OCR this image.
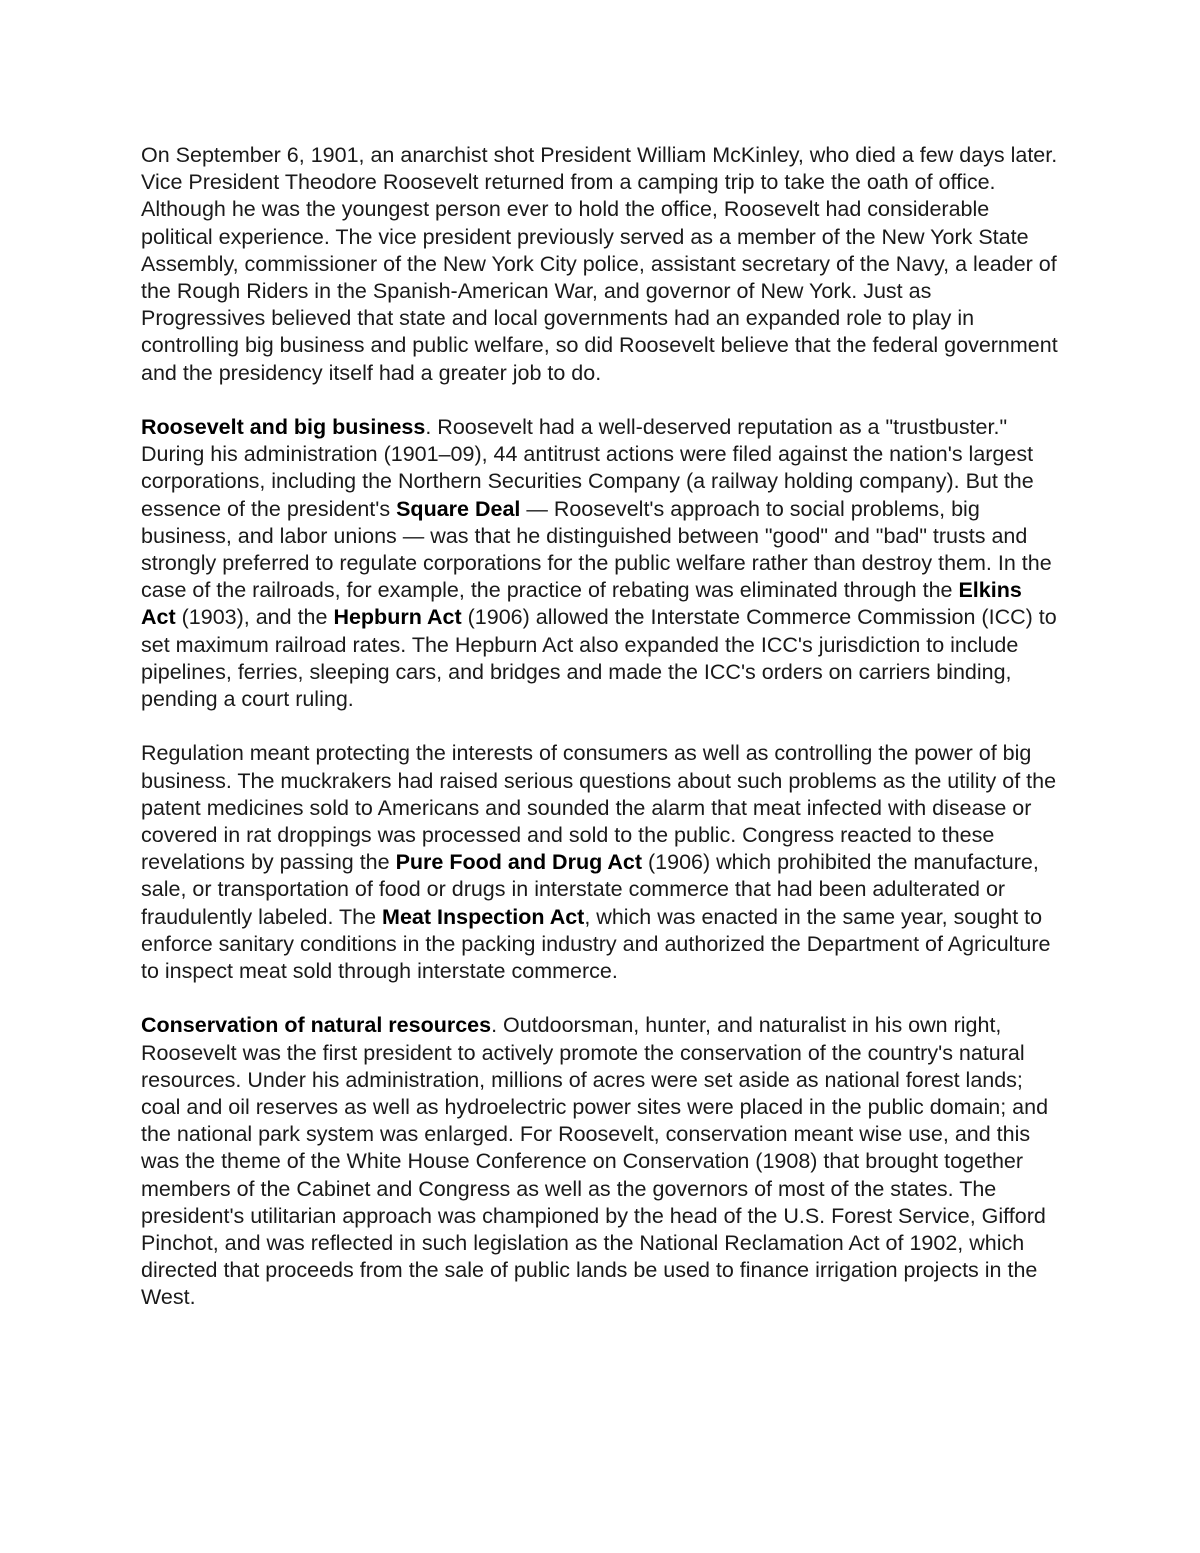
On September 6, 1901, an anarchist shot President William McKinley, who died a few days later. Vice President Theodore Roosevelt returned from a camping trip to take the oath of office. Although he was the youngest person ever to hold the office, Roosevelt had considerable political experience. The vice president previously served as a member of the New York State Assembly, commissioner of the New York City police, assistant secretary of the Navy, a leader of the Rough Riders in the Spanish-American War, and governor of New York. Just as Progressives believed that state and local governments had an expanded role to play in controlling big business and public welfare, so did Roosevelt believe that the federal government and the presidency itself had a greater job to do.

Roosevelt and big business. Roosevelt had a well-deserved reputation as a "trustbuster." During his administration (1901–09), 44 antitrust actions were filed against the nation's largest corporations, including the Northern Securities Company (a railway holding company). But the essence of the president's Square Deal — Roosevelt's approach to social problems, big business, and labor unions — was that he distinguished between "good" and "bad" trusts and strongly preferred to regulate corporations for the public welfare rather than destroy them. In the case of the railroads, for example, the practice of rebating was eliminated through the Elkins Act (1903), and the Hepburn Act (1906) allowed the Interstate Commerce Commission (ICC) to set maximum railroad rates. The Hepburn Act also expanded the ICC's jurisdiction to include pipelines, ferries, sleeping cars, and bridges and made the ICC's orders on carriers binding, pending a court ruling.

Regulation meant protecting the interests of consumers as well as controlling the power of big business. The muckrakers had raised serious questions about such problems as the utility of the patent medicines sold to Americans and sounded the alarm that meat infected with disease or covered in rat droppings was processed and sold to the public. Congress reacted to these revelations by passing the Pure Food and Drug Act (1906) which prohibited the manufacture, sale, or transportation of food or drugs in interstate commerce that had been adulterated or fraudulently labeled. The Meat Inspection Act, which was enacted in the same year, sought to enforce sanitary conditions in the packing industry and authorized the Department of Agriculture to inspect meat sold through interstate commerce.

Conservation of natural resources. Outdoorsman, hunter, and naturalist in his own right, Roosevelt was the first president to actively promote the conservation of the country's natural resources. Under his administration, millions of acres were set aside as national forest lands; coal and oil reserves as well as hydroelectric power sites were placed in the public domain; and the national park system was enlarged. For Roosevelt, conservation meant wise use, and this was the theme of the White House Conference on Conservation (1908) that brought together members of the Cabinet and Congress as well as the governors of most of the states. The president's utilitarian approach was championed by the head of the U.S. Forest Service, Gifford Pinchot, and was reflected in such legislation as the National Reclamation Act of 1902, which directed that proceeds from the sale of public lands be used to finance irrigation projects in the West.
